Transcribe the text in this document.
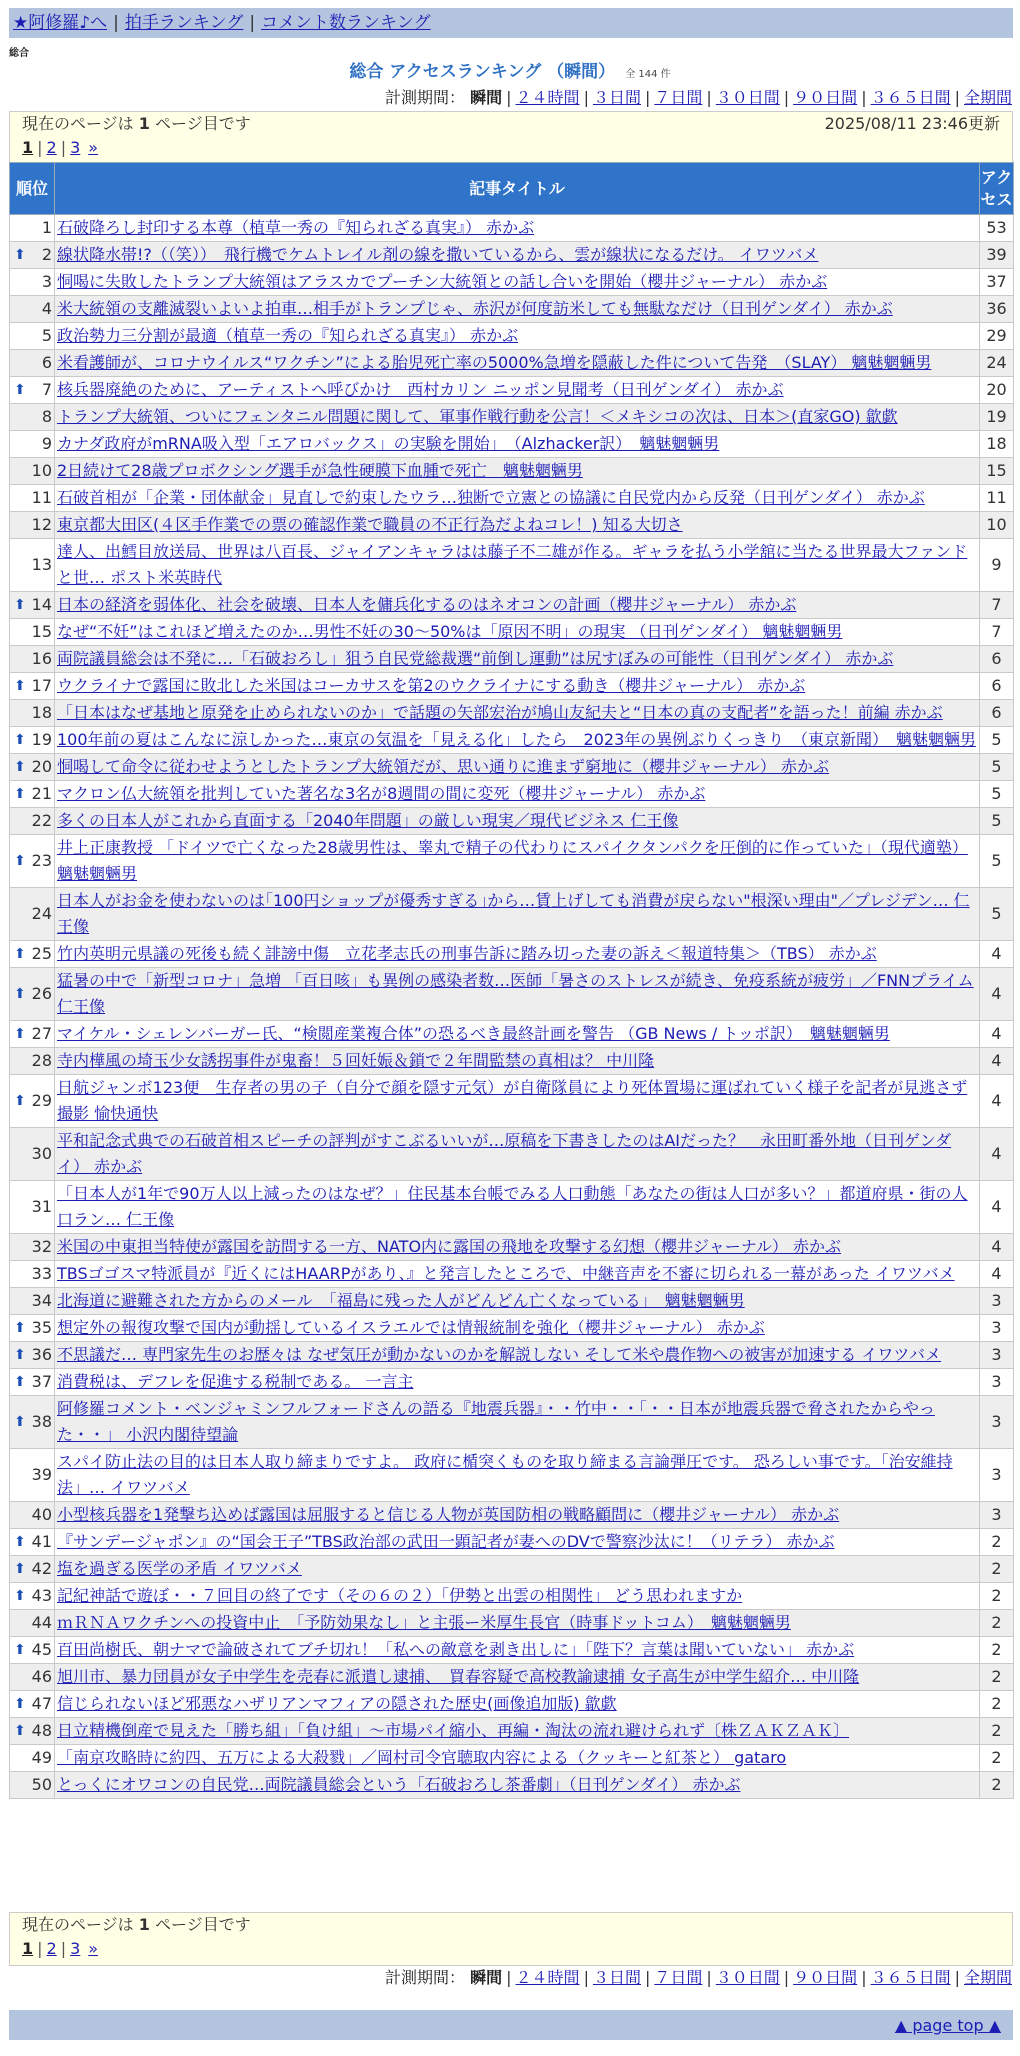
★阿修羅♪へ | 拍手ランキング | コメント数ランキング
総合
総合 アクセスランキング （瞬間） 全 144 件
計測期間： 瞬間 | ２４時間 | ３日間 | ７日間 | ３０日間 | ９０日間 | ３６５日間 | 全期間
現在のページは 1 ページ目です	2025/08/11 23:46更新
1 | 2 | 3 »
順位	記事タイトル	アクセス
1	石破降ろし封印する本尊（植草一秀の『知られざる真実』） 赤かぶ	53

⬆ 2	線状降水帯!?（（笑））　飛行機でケムトレイル剤の線を撒いているから、雲が線状になるだけ。 イワツバメ	39
3	恫喝に失敗したトランプ大統領はアラスカでプーチン大統領との話し合いを開始（櫻井ジャーナル） 赤かぶ	37
4	米大統領の支離滅裂いよいよ拍車…相手がトランプじゃ、赤沢が何度訪米しても無駄なだけ（日刊ゲンダイ） 赤かぶ	36
5	政治勢力三分割が最適（植草一秀の『知られざる真実』） 赤かぶ	29
6	米看護師が、コロナウイルス“ワクチン”による胎児死亡率の5000%急増を隠蔽した件について告発　（SLAY） 魑魅魍魎男	24

⬆ 7	核兵器廃絶のために、アーティストへ呼びかけ　西村カリン ニッポン見聞考（日刊ゲンダイ） 赤かぶ	20
8	トランプ大統領、ついにフェンタニル問題に関して、軍事作戦行動を公言！＜メキシコの次は、日本＞(直家GO) 歙歔	19
9	カナダ政府がmRNA吸入型「エアロバックス」の実験を開始」　（Alzhacker訳）　魑魅魍魎男	18
10	2日続けて28歳プロボクシング選手が急性硬膜下血腫で死亡　魑魅魍魎男	15
11	石破首相が「企業・団体献金」見直しで約束したウラ…独断で立憲との協議に自民党内から反発（日刊ゲンダイ） 赤かぶ	11
12	東京都大田区(４区手作業での票の確認作業で職員の不正行為だよねコレ！) 知る大切さ	10
13	達人、出鱈目放送局、世界は八百長、ジャイアンキャラはは藤子不二雄が作る。ギャラを払う小学舘に当たる世界最大ファンドと世… ポスト米英時代	9

⬆ 14	日本の経済を弱体化、社会を破壊、日本人を傭兵化するのはネオコンの計画（櫻井ジャーナル） 赤かぶ	7
15	なぜ“不妊”はこれほど増えたのか…男性不妊の30～50%は「原因不明」の現実 （日刊ゲンダイ） 魑魅魍魎男	7
16	両院議員総会は不発に…「石破おろし」狙う自民党総裁選“前倒し運動”は尻すぼみの可能性（日刊ゲンダイ） 赤かぶ	6

⬆ 17	ウクライナで露国に敗北した米国はコーカサスを第2のウクライナにする動き（櫻井ジャーナル） 赤かぶ	6
18	「日本はなぜ基地と原発を止められないのか」で話題の矢部宏治が鳩山友紀夫と“日本の真の支配者”を語った！前編 赤かぶ	6

⬆ 19	100年前の夏はこんなに涼しかった…東京の気温を「見える化」したら　2023年の異例ぶりくっきり　（東京新聞）　魑魅魍魎男	5

⬆ 20	恫喝して命令に従わせようとしたトランプ大統領だが、思い通りに進まず窮地に（櫻井ジャーナル） 赤かぶ	5

⬆ 21	マクロン仏大統領を批判していた著名な3名が8週間の間に変死（櫻井ジャーナル） 赤かぶ	5
22	多くの日本人がこれから直面する「2040年問題」の厳しい現実／現代ビジネス 仁王像	5

⬆ 23	井上正康教授 「ドイツで亡くなった28歳男性は、睾丸で精子の代わりにスパイクタンパクを圧倒的に作っていた」（現代適塾） 魑魅魍魎男	5
24	日本人がお金を使わないのは｢100円ショップが優秀すぎる｣から…賃上げしても消費が戻らない"根深い理由"／プレジデン… 仁王像	5

⬆ 25	竹内英明元県議の死後も続く誹謗中傷　立花孝志氏の刑事告訴に踏み切った妻の訴え＜報道特集＞（TBS） 赤かぶ	4

⬆ 26	猛暑の中で「新型コロナ」急増 「百日咳」も異例の感染者数…医師「暑さのストレスが続き、免疫系統が疲労」／FNNプライム 仁王像	4

⬆ 27	マイケル・シェレンバーガー氏、“検閲産業複合体”の恐るべき最終計画を警告 （GB News / トッポ訳）　魑魅魍魎男	4
28	寺内樺風の埼玉少女誘拐事件が鬼畜！５回妊娠＆鎖で２年間監禁の真相は？ 中川隆	4

⬆ 29	日航ジャンボ123便　生存者の男の子（自分で顔を隠す元気）が自衛隊員により死体置場に運ばれていく様子を記者が見逃さず撮影 愉快通快	4
30	平和記念式典での石破首相スピーチの評判がすこぶるいいが…原稿を下書きしたのはAIだった？　永田町番外地（日刊ゲンダイ） 赤かぶ	4
31	「日本人が1年で90万人以上減ったのはなぜ？」住民基本台帳でみる人口動態「あなたの街は人口が多い？」都道府県・街の人口ラン… 仁王像	4
32	米国の中東担当特使が露国を訪問する一方、NATO内に露国の飛地を攻撃する幻想（櫻井ジャーナル） 赤かぶ	4
33	TBSゴゴスマ特派員が『近くにはHAARPがあり、』と発言したところで、中継音声を不審に切られる一幕があった イワツバメ	4
34	北海道に避難された方からのメール　「福島に残った人がどんどん亡くなっている」　魑魅魍魎男	3

⬆ 35	想定外の報復攻撃で国内が動揺しているイスラエルでは情報統制を強化（櫻井ジャーナル） 赤かぶ	3

⬆ 36	不思議だ… 専門家先生のお歴々は なぜ気圧が動かないのかを解説しない そして米や農作物への被害が加速する イワツバメ	3

⬆ 37	消費税は、デフレを促進する税制である。 一言主	3

⬆ 38	阿修羅コメント・ベンジャミンフルフォードさんの語る『地震兵器』・・竹中・・「・・日本が地震兵器で脅されたからやった・・」 小沢内閣待望論	3
39	スパイ防止法の目的は日本人取り締まりですよ。 政府に楯突くものを取り締まる言論弾圧です。 恐ろしい事です。「治安維持法」… イワツバメ	3
40	小型核兵器を1発撃ち込めば露国は屈服すると信じる人物が英国防相の戦略顧問に（櫻井ジャーナル） 赤かぶ	3

⬆ 41	『サンデージャポン』の“国会王子”TBS政治部の武田一顕記者が妻へのDVで警察沙汰に！（リテラ） 赤かぶ	2

⬆ 42	塩を過ぎる医学の矛盾 イワツバメ	2

⬆ 43	記紀神話で遊ぼ・・７回目の終了です（その６の２）「伊勢と出雲の相関性」 どう思われますか	2
44	ｍＲＮＡワクチンへの投資中止　「予防効果なし」と主張ー米厚生長官（時事ドットコム）　魑魅魍魎男	2

⬆ 45	百田尚樹氏、朝ナマで論破されてブチ切れ！「私への敵意を剥き出しに」「陛下？言葉は聞いていない」 赤かぶ	2
46	旭川市、暴力団員が女子中学生を売春に派遣し逮捕、　買春容疑で高校教諭逮捕 女子高生が中学生紹介… 中川隆	2

⬆ 47	信じられないほど邪悪なハザリアンマフィアの隠された歴史(画像追加版) 歙歔	2

⬆ 48	日立精機倒産で見えた「勝ち組」「負け組」～市場パイ縮小、再編・淘汰の流れ避けられず〔株ＺＡＫＺＡＫ〕	2
49	「南京攻略時に約四、五万による大殺戮」／岡村司令官聴取内容による（クッキーと紅茶と） gataro	2
50	とっくにオワコンの自民党…両院議員総会という「石破おろし茶番劇」（日刊ゲンダイ） 赤かぶ	2
現在のページは 1 ページ目です
1 | 2 | 3 »
計測期間： 瞬間 | ２４時間 | ３日間 | ７日間 | ３０日間 | ９０日間 | ３６５日間 | 全期間
▲ page top ▲
